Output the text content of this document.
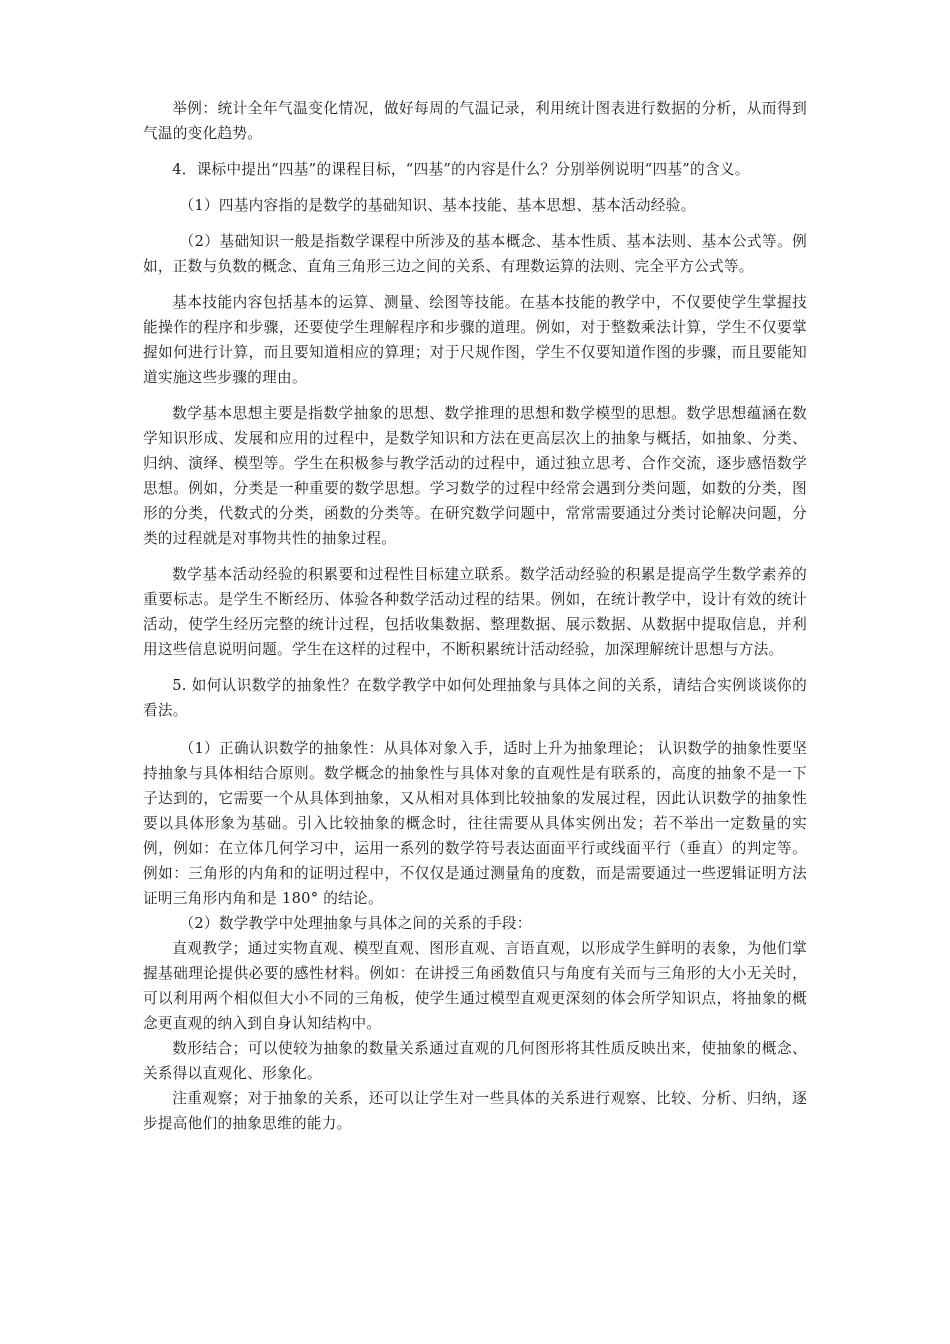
举例：统计全年气温变化情况，做好每周的气温记录，利用统计图表进行数据的分析，从而得到气温的变化趋势。

4．课标中提出“四基”的课程目标，“四基”的内容是什么？分别举例说明“四基”的含义。

（1）四基内容指的是数学的基础知识、基本技能、基本思想、基本活动经验。

（2）基础知识一般是指数学课程中所涉及的基本概念、基本性质、基本法则、基本公式等。例如，正数与负数的概念、直角三角形三边之间的关系、有理数运算的法则、完全平方公式等。

基本技能内容包括基本的运算、测量、绘图等技能。在基本技能的教学中，不仅要使学生掌握技能操作的程序和步骤，还要使学生理解程序和步骤的道理。例如，对于整数乘法计算，学生不仅要掌握如何进行计算，而且要知道相应的算理；对于尺规作图，学生不仅要知道作图的步骤，而且要能知道实施这些步骤的理由。

数学基本思想主要是指数学抽象的思想、数学推理的思想和数学模型的思想。数学思想蕴涵在数学知识形成、发展和应用的过程中，是数学知识和方法在更高层次上的抽象与概括，如抽象、分类、归纳、演绎、模型等。学生在积极参与教学活动的过程中，通过独立思考、合作交流，逐步感悟数学思想。例如，分类是一种重要的数学思想。学习数学的过程中经常会遇到分类问题，如数的分类，图形的分类，代数式的分类，函数的分类等。在研究数学问题中，常常需要通过分类讨论解决问题，分类的过程就是对事物共性的抽象过程。

数学基本活动经验的积累要和过程性目标建立联系。数学活动经验的积累是提高学生数学素养的重要标志。是学生不断经历、体验各种数学活动过程的结果。例如，在统计教学中，设计有效的统计活动，使学生经历完整的统计过程，包括收集数据、整理数据、展示数据、从数据中提取信息，并利用这些信息说明问题。学生在这样的过程中，不断积累统计活动经验，加深理解统计思想与方法。

5. 如何认识数学的抽象性？在数学教学中如何处理抽象与具体之间的关系，请结合实例谈谈你的看法。

（1）正确认识数学的抽象性：从具体对象入手，适时上升为抽象理论； 认识数学的抽象性要坚持抽象与具体相结合原则。数学概念的抽象性与具体对象的直观性是有联系的，高度的抽象不是一下子达到的，它需要一个从具体到抽象，又从相对具体到比较抽象的发展过程，因此认识数学的抽象性要以具体形象为基础。引入比较抽象的概念时，往往需要从具体实例出发；若不举出一定数量的实例，例如：在立体几何学习中，运用一系列的数学符号表达面面平行或线面平行（垂直）的判定等。例如：三角形的内角和的证明过程中，不仅仅是通过测量角的度数，而是需要通过一些逻辑证明方法证明三角形内角和是 180° 的结论。

（2）数学教学中处理抽象与具体之间的关系的手段：

直观教学；通过实物直观、模型直观、图形直观、言语直观，以形成学生鲜明的表象，为他们掌握基础理论提供必要的感性材料。例如：在讲授三角函数值只与角度有关而与三角形的大小无关时，可以利用两个相似但大小不同的三角板，使学生通过模型直观更深刻的体会所学知识点，将抽象的概念更直观的纳入到自身认知结构中。

数形结合；可以使较为抽象的数量关系通过直观的几何图形将其性质反映出来，使抽象的概念、关系得以直观化、形象化。

注重观察；对于抽象的关系，还可以让学生对一些具体的关系进行观察、比较、分析、归纳，逐步提高他们的抽象思维的能力。
